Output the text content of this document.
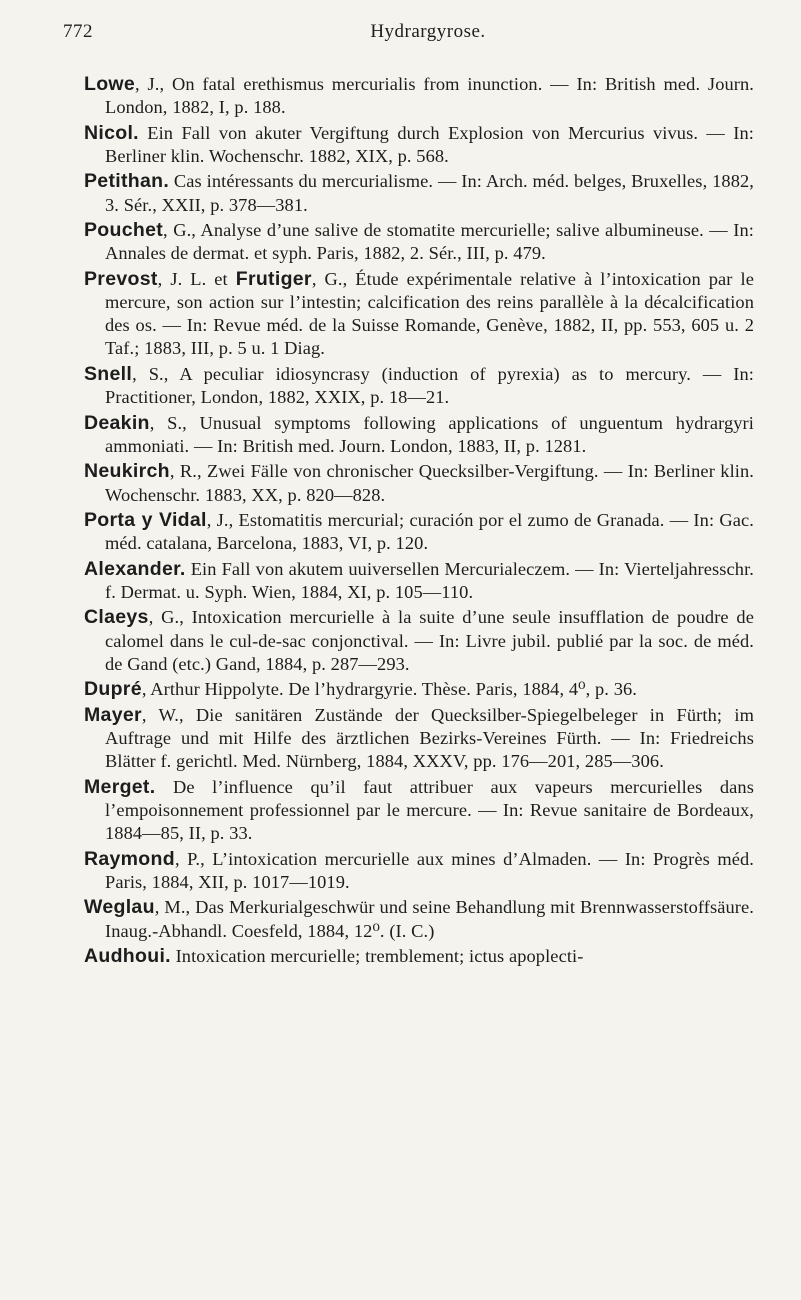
772	Hydrargyrose.

Lowe, J., On fatal erethismus mercurialis from inunction. — In: British med. Journ. London, 1882, I, p. 188.

Nicol. Ein Fall von akuter Vergiftung durch Explosion von Mercurius vivus. — In: Berliner klin. Wochenschr. 1882, XIX, p. 568.

Petithan. Cas intéressants du mercurialisme. — In: Arch. méd. belges, Bruxelles, 1882, 3. Sér., XXII, p. 378—381.

Pouchet, G., Analyse d’une salive de stomatite mercurielle; salive albumineuse. — In: Annales de dermat. et syph. Paris, 1882, 2. Sér., III, p. 479.

Prevost, J. L. et Frutiger, G., Étude expérimentale relative à l’intoxication par le mercure, son action sur l’intestin; calcification des reins parallèle à la décalcification des os. — In: Revue méd. de la Suisse Romande, Genève, 1882, II, pp. 553, 605 u. 2 Taf.; 1883, III, p. 5 u. 1 Diag.

Snell, S., A peculiar idiosyncrasy (induction of pyrexia) as to mercury. — In: Practitioner, London, 1882, XXIX, p. 18—21.

Deakin, S., Unusual symptoms following applications of unguentum hydrargyri ammoniati. — In: British med. Journ. London, 1883, II, p. 1281.

Neukirch, R., Zwei Fälle von chronischer Quecksilber-Vergiftung. — In: Berliner klin. Wochenschr. 1883, XX, p. 820—828.

Porta y Vidal, J., Estomatitis mercurial; curación por el zumo de Granada. — In: Gac. méd. catalana, Barcelona, 1883, VI, p. 120.

Alexander. Ein Fall von akutem uuiversellen Mercurialeczem. — In: Vierteljahresschr. f. Dermat. u. Syph. Wien, 1884, XI, p. 105—110.

Claeys, G., Intoxication mercurielle à la suite d’une seule insufflation de poudre de calomel dans le cul-de-sac conjonctival. — In: Livre jubil. publié par la soc. de méd. de Gand (etc.) Gand, 1884, p. 287—293.

Dupré, Arthur Hippolyte. De l’hydrargyrie. Thèse. Paris, 1884, 4⁰, p. 36.

Mayer, W., Die sanitären Zustände der Quecksilber-Spiegelbeleger in Fürth; im Auftrage und mit Hilfe des ärztlichen Bezirks-Vereines Fürth. — In: Friedreichs Blätter f. gerichtl. Med. Nürnberg, 1884, XXXV, pp. 176—201, 285—306.

Merget. De l’influence qu’il faut attribuer aux vapeurs mercurielles dans l’empoisonnement professionnel par le mercure. — In: Revue sanitaire de Bordeaux, 1884—85, II, p. 33.

Raymond, P., L’intoxication mercurielle aux mines d’Almaden. — In: Progrès méd. Paris, 1884, XII, p. 1017—1019.

Weglau, M., Das Merkurialgeschwür und seine Behandlung mit Brennwasserstoffsäure. Inaug.-Abhandl. Coesfeld, 1884, 12⁰. (I. C.)

Audhoui. Intoxication mercurielle; tremblement; ictus apoplecti-
